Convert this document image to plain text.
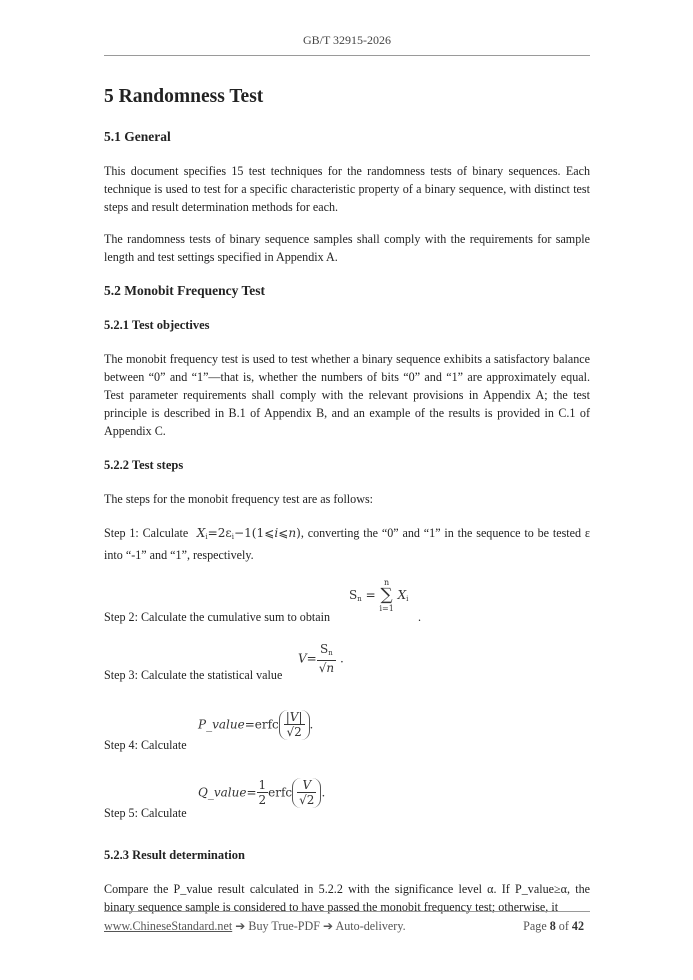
GB/T 32915-2026
5 Randomness Test
5.1 General

This document specifies 15 test techniques for the randomness tests of binary sequences. Each technique is used to test for a specific characteristic property of a binary sequence, with distinct test steps and result determination methods for each.

The randomness tests of binary sequence samples shall comply with the requirements for sample length and test settings specified in Appendix A.

5.2 Monobit Frequency Test
5.2.1 Test objectives

The monobit frequency test is used to test whether a binary sequence exhibits a satisfactory balance between “0” and “1”—that is, whether the numbers of bits “0” and “1” are approximately equal. Test parameter requirements shall comply with the relevant provisions in Appendix A; the test principle is described in B.1 of Appendix B, and an example of the results is provided in C.1 of Appendix C.

5.2.2 Test steps

The steps for the monobit frequency test are as follows:

Step 1: Calculate $X_i=2\varepsilon_i-1(1⩽i⩽n)$, converting the “0” and “1” in the sequence to be tested ε into “-1” and “1”, respectively.

$S_n$ =
n
∑
i=1
$X_i$
Step 2: Calculate the cumulative sum to obtain	.
$V= \frac{S_n}{√n}$ .
Step 3: Calculate the statistical value
P_value=erfc $\frac{|V|}{√2}$ .
Step 4: Calculate
Q_value= $\frac{1}{2}$ erfc $\frac{V}{√2}$ .
Step 5: Calculate
5.2.3 Result determination

Compare the P_value result calculated in 5.2.2 with the significance level α. If P_value≥α, the binary sequence sample is considered to have passed the monobit frequency test; otherwise, it

www.ChineseStandard.net ➔ Buy True-PDF ➔ Auto-delivery.	Page 8 of 42
